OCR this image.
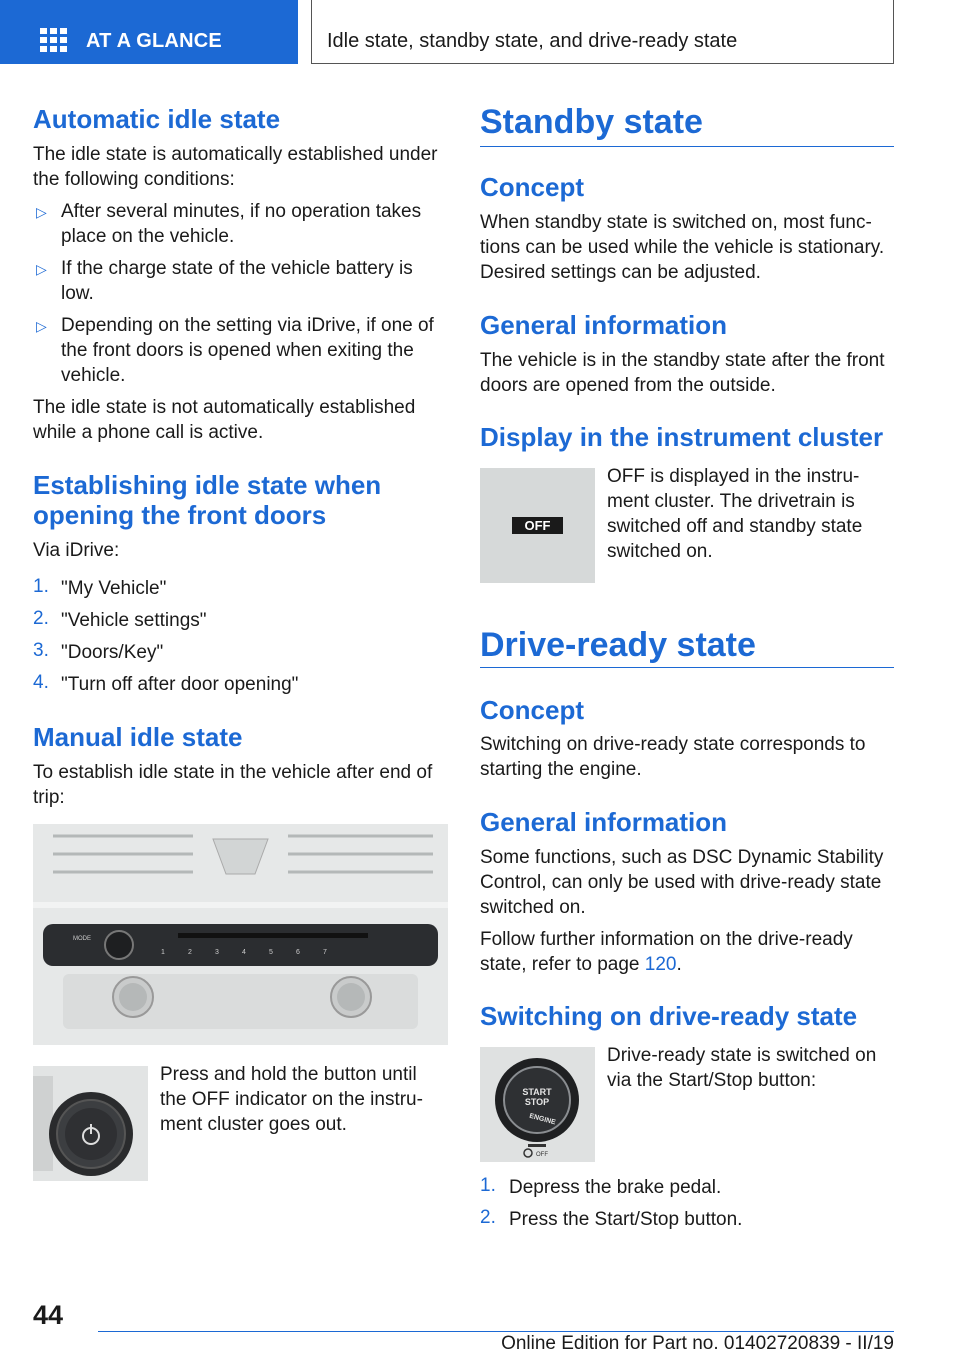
AT A GLANCE	Idle state, standby state, and drive-ready state
Automatic idle state
The idle state is automatically established under
the following conditions:
▷ After several minutes, if no operation takes
place on the vehicle.
▷ If the charge state of the vehicle battery is
low.
▷ Depending on the setting via iDrive, if one of
the front doors is opened when exiting the
vehicle.
The idle state is not automatically established
while a phone call is active.
Establishing idle state when
opening the front doors
Via iDrive:
1. "My Vehicle"
2. "Vehicle settings"
3. "Doors/Key"
4. "Turn off after door opening"
Manual idle state
To establish idle state in the vehicle after end of
trip:
MODE
1	2	3	4	5	6	7
Press and hold the button until
the OFF indicator on the instru-
ment cluster goes out.
Standby state
Concept
When standby state is switched on, most func-
tions can be used while the vehicle is stationary.
Desired settings can be adjusted.
General information
The vehicle is in the standby state after the front
doors are opened from the outside.
Display in the instrument cluster
OFF
OFF is displayed in the instru-
ment cluster. The drivetrain is
switched off and standby state
switched on.
Drive-ready state
Concept
Switching on drive-ready state corresponds to
starting the engine.
General information
Some functions, such as DSC Dynamic Stability
Control, can only be used with drive-ready state
switched on.
Follow further information on the drive-ready
state, refer to page 120.
Switching on drive-ready state
START
STOP
ENGINE
OFF
Drive-ready state is switched on
via the Start/Stop button:
1. Depress the brake pedal.
2. Press the Start/Stop button.
44
Online Edition for Part no. 01402720839 - II/19
